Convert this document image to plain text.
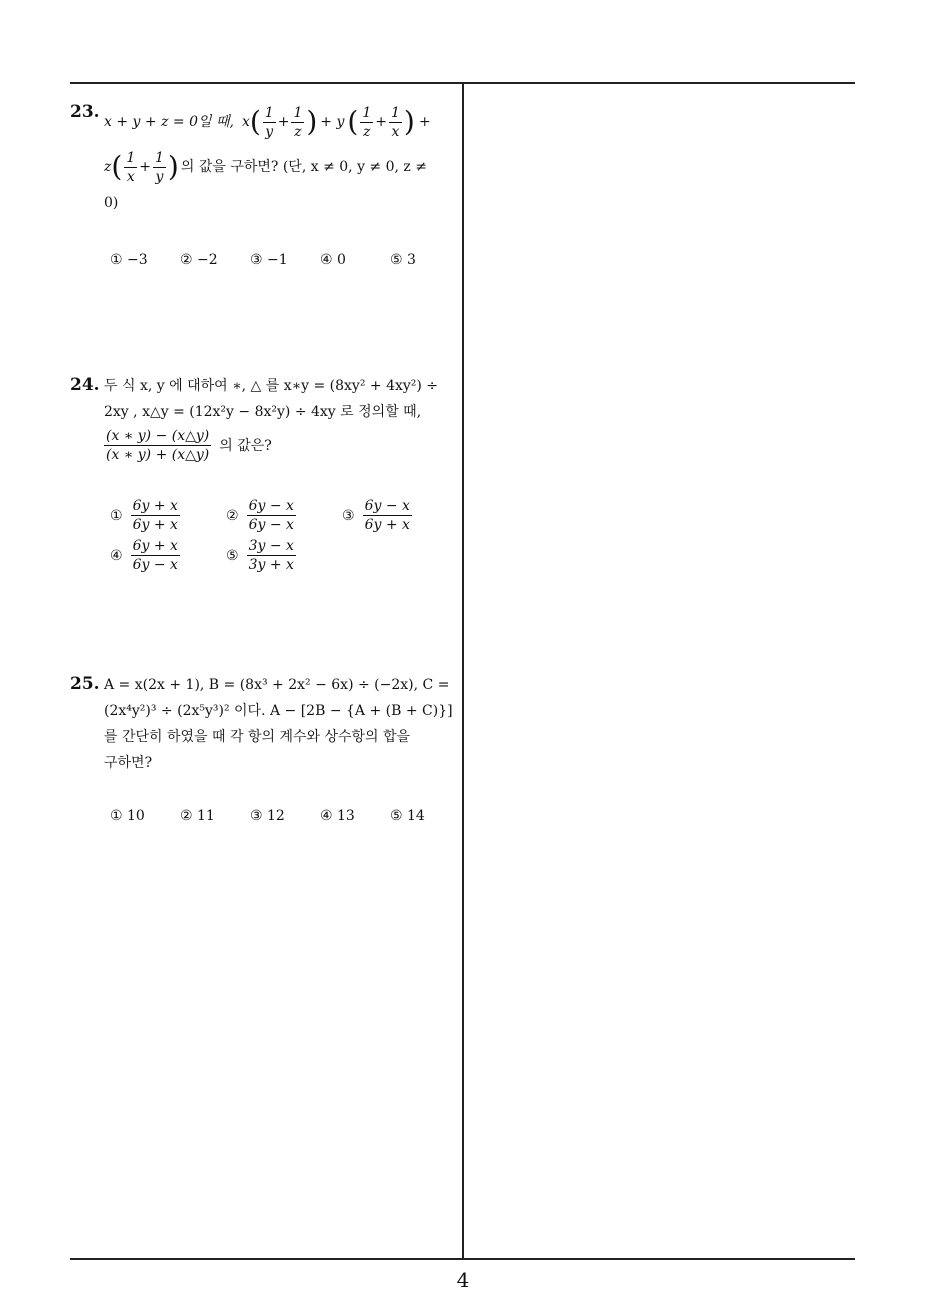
23. x + y + z = 0일 때, x ( $\frac{1}{y} + \frac{1}{z}$ ) + y ( $\frac{1}{z} + \frac{1}{x}$ ) +
z ( $\frac{1}{x} + \frac{1}{y}$ ) 의 값을 구하면? (단, x ≠ 0, y ≠ 0, z ≠
0)
① −3 ② −2 ③ −1 ④ 0	⑤ 3
24. 두 식 x, y 에 대하여 ∗, △ 를 x∗y = (8xy² + 4xy²) ÷
2xy , x△y = (12x²y − 8x²y) ÷ 4xy 로 정의할 때,
$\frac{(x ∗ y) - (x\triangle y)}{(x ∗ y) + (x\triangle y)}$ 의 값은?
① $\frac{6y + x}{6y + x}$	② $\frac{6y - x}{6y - x}$	③ $\frac{6y - x}{6y + x}$
④ $\frac{6y + x}{6y - x}$	⑤ $\frac{3y - x}{3y + x}$
25. A = x(2x + 1), B = (8x³ + 2x² − 6x) ÷ (−2x), C =
(2x⁴y²)³ ÷ (2x⁵y³)² 이다. A − [2B − {A + (B + C)}]
를 간단히 하였을 때 각 항의 계수와 상수항의 합을
구하면?
① 10	② 11	③ 12	④ 13	⑤ 14
4
